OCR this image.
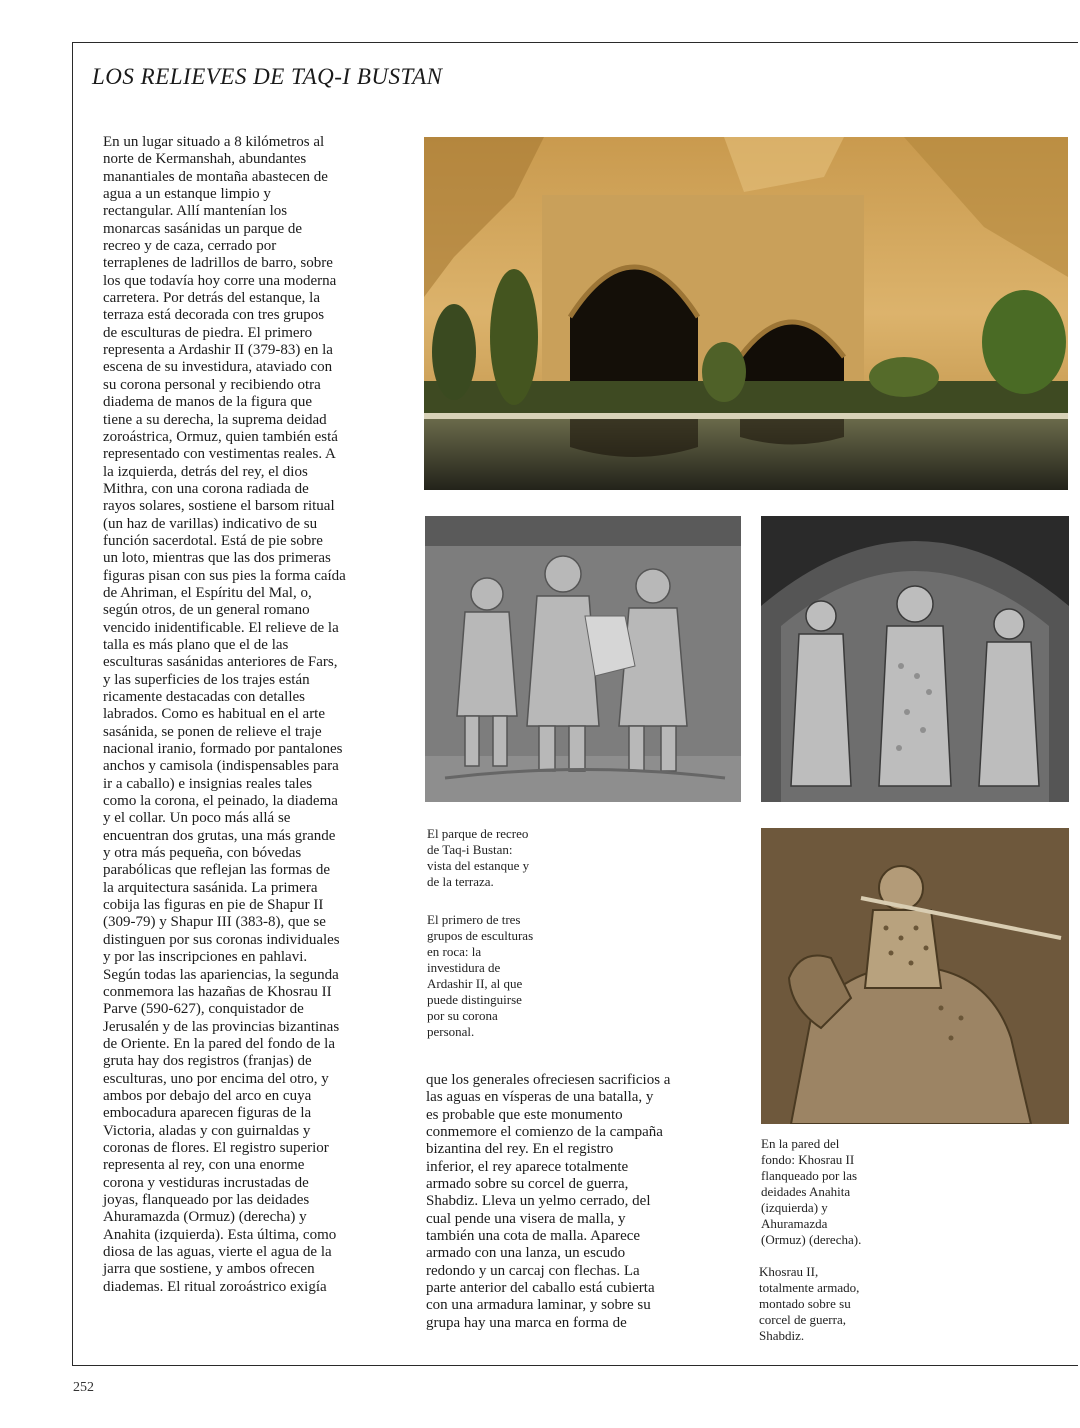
LOS RELIEVES DE TAQ-I BUSTAN

En un lugar situado a 8 kilómetros al
norte de Kermanshah, abundantes
manantiales de montaña abastecen de
agua a un estanque limpio y
rectangular. Allí mantenían los
monarcas sasánidas un parque de
recreo y de caza, cerrado por
terraplenes de ladrillos de barro, sobre
los que todavía hoy corre una moderna
carretera. Por detrás del estanque, la
terraza está decorada con tres grupos
de esculturas de piedra. El primero
representa a Ardashir II (379-83) en la
escena de su investidura, ataviado con
su corona personal y recibiendo otra
diadema de manos de la figura que
tiene a su derecha, la suprema deidad
zoroástrica, Ormuz, quien también está
representado con vestimentas reales. A
la izquierda, detrás del rey, el dios
Mithra, con una corona radiada de
rayos solares, sostiene el barsom ritual
(un haz de varillas) indicativo de su
función sacerdotal. Está de pie sobre
un loto, mientras que las dos primeras
figuras pisan con sus pies la forma caída
de Ahriman, el Espíritu del Mal, o,
según otros, de un general romano
vencido inidentificable. El relieve de la
talla es más plano que el de las
esculturas sasánidas anteriores de Fars,
y las superficies de los trajes están
ricamente destacadas con detalles
labrados. Como es habitual en el arte
sasánida, se ponen de relieve el traje
nacional iranio, formado por pantalones
anchos y camisola (indispensables para
ir a caballo) e insignias reales tales
como la corona, el peinado, la diadema
y el collar. Un poco más allá se
encuentran dos grutas, una más grande
y otra más pequeña, con bóvedas
parabólicas que reflejan las formas de
la arquitectura sasánida. La primera
cobija las figuras en pie de Shapur II
(309-79) y Shapur III (383-8), que se
distinguen por sus coronas individuales
y por las inscripciones en pahlavi.
Según todas las apariencias, la segunda
conmemora las hazañas de Khosrau II
Parve (590-627), conquistador de
Jerusalén y de las provincias bizantinas
de Oriente. En la pared del fondo de la
gruta hay dos registros (franjas) de
esculturas, uno por encima del otro, y
ambos por debajo del arco en cuya
embocadura aparecen figuras de la
Victoria, aladas y con guirnaldas y
coronas de flores. El registro superior
representa al rey, con una enorme
corona y vestiduras incrustadas de
joyas, flanqueado por las deidades
Ahuramazda (Ormuz) (derecha) y
Anahita (izquierda). Esta última, como
diosa de las aguas, vierte el agua de la
jarra que sostiene, y ambos ofrecen
diademas. El ritual zoroástrico exigía

El parque de recreo
de Taq-i Bustan:
vista del estanque y
de la terraza.

El primero de tres
grupos de esculturas
en roca: la
investidura de
Ardashir II, al que
puede distinguirse
por su corona
personal.

En la pared del
fondo: Khosrau II
flanqueado por las
deidades Anahita
(izquierda) y
Ahuramazda
(Ormuz) (derecha).

Khosrau II,
totalmente armado,
montado sobre su
corcel de guerra,
Shabdiz.

que los generales ofreciesen sacrificios a
las aguas en vísperas de una batalla, y
es probable que este monumento
conmemore el comienzo de la campaña
bizantina del rey. En el registro
inferior, el rey aparece totalmente
armado sobre su corcel de guerra,
Shabdiz. Lleva un yelmo cerrado, del
cual pende una visera de malla, y
también una cota de malla. Aparece
armado con una lanza, un escudo
redondo y un carcaj con flechas. La
parte anterior del caballo está cubierta
con una armadura laminar, y sobre su
grupa hay una marca en forma de

252
